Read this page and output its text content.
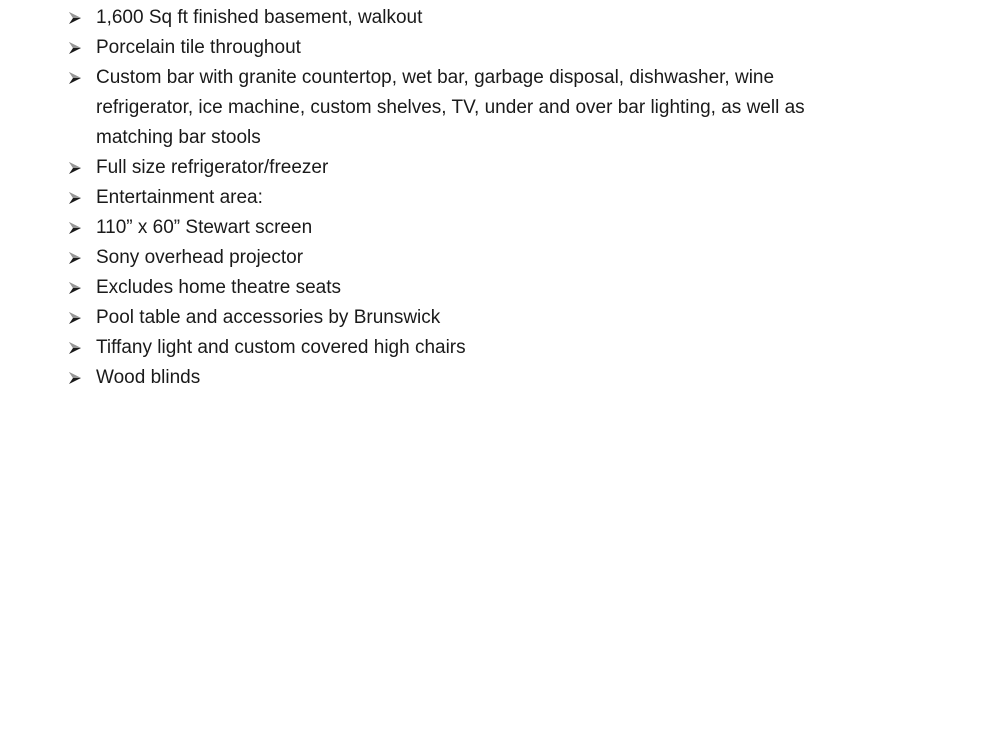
1,600 Sq ft finished basement, walkout
Porcelain tile throughout
Custom bar with granite countertop, wet bar, garbage disposal, dishwasher, wine refrigerator, ice machine, custom shelves, TV, under and over bar lighting, as well as matching bar stools
Full size refrigerator/freezer
Entertainment area:
110” x 60” Stewart screen
Sony overhead projector
Excludes home theatre seats
Pool table and accessories by Brunswick
Tiffany light and custom covered high chairs
Wood blinds
